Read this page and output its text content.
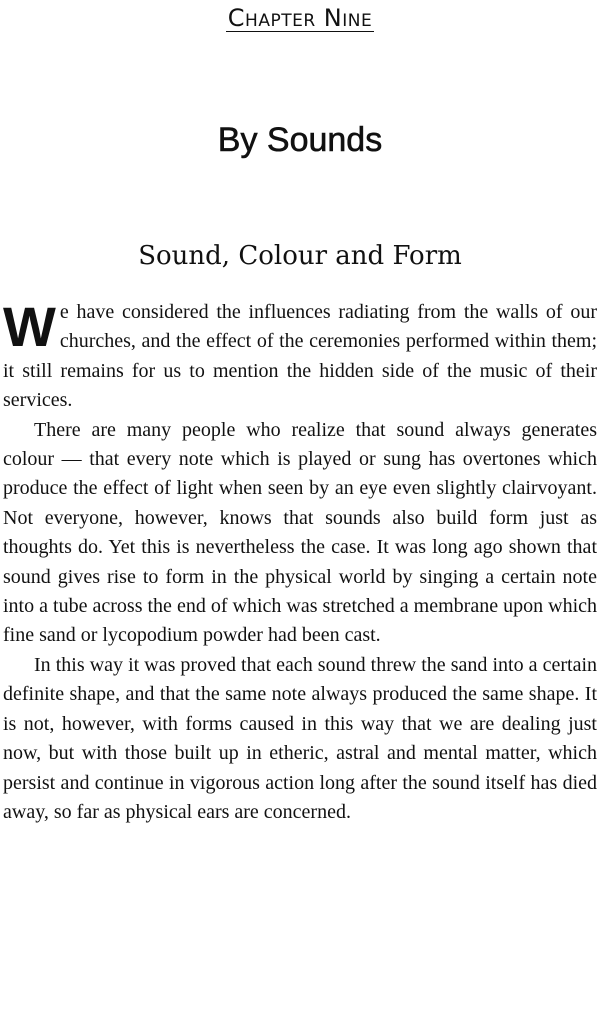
Chapter Nine
By Sounds
Sound, Colour and Form

We have considered the influences radiating from the walls of our churches, and the effect of the ceremonies performed within them; it still remains for us to mention the hidden side of the music of their services.

There are many people who realize that sound always generates colour — that every note which is played or sung has overtones which produce the effect of light when seen by an eye even slightly clairvoyant. Not everyone, however, knows that sounds also build form just as thoughts do. Yet this is nevertheless the case. It was long ago shown that sound gives rise to form in the physical world by singing a certain note into a tube across the end of which was stretched a membrane upon which fine sand or lycopodium powder had been cast.

In this way it was proved that each sound threw the sand into a certain definite shape, and that the same note always produced the same shape. It is not, however, with forms caused in this way that we are dealing just now, but with those built up in etheric, astral and mental matter, which persist and continue in vigorous action long after the sound itself has died away, so far as physical ears are concerned.
